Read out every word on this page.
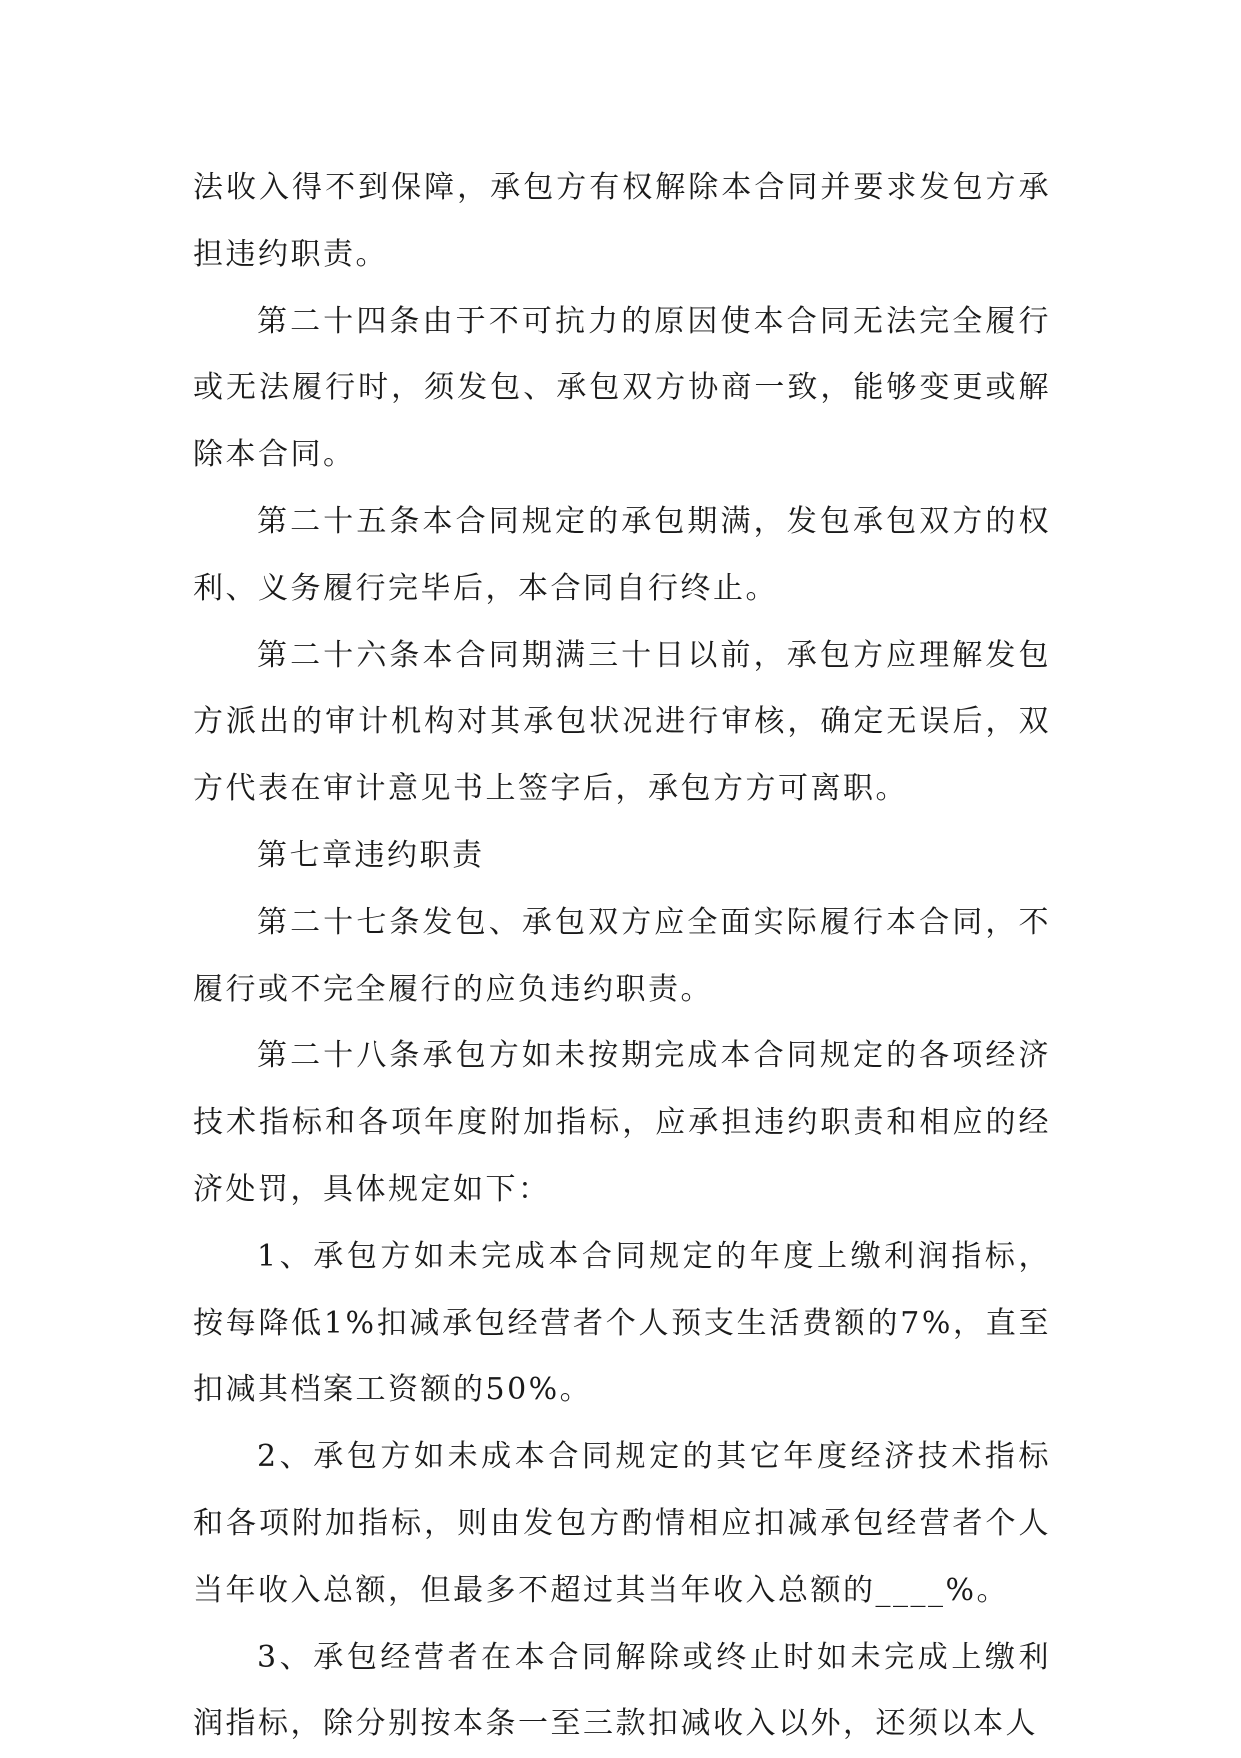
法收入得不到保障，承包方有权解除本合同并要求发包方承担违约职责。

第二十四条由于不可抗力的原因使本合同无法完全履行或无法履行时，须发包、承包双方协商一致，能够变更或解除本合同。

第二十五条本合同规定的承包期满，发包承包双方的权利、义务履行完毕后，本合同自行终止。

第二十六条本合同期满三十日以前，承包方应理解发包方派出的审计机构对其承包状况进行审核，确定无误后，双方代表在审计意见书上签字后，承包方方可离职。

第七章违约职责

第二十七条发包、承包双方应全面实际履行本合同，不履行或不完全履行的应负违约职责。

第二十八条承包方如未按期完成本合同规定的各项经济技术指标和各项年度附加指标，应承担违约职责和相应的经济处罚，具体规定如下：

1、承包方如未完成本合同规定的年度上缴利润指标，按每降低1%扣减承包经营者个人预支生活费额的7%，直至扣减其档案工资额的50%。

2、承包方如未成本合同规定的其它年度经济技术指标和各项附加指标，则由发包方酌情相应扣减承包经营者个人当年收入总额，但最多不超过其当年收入总额的____%。

3、承包经营者在本合同解除或终止时如未完成上缴利润指标，除分别按本条一至三款扣减收入以外，还须以本人
